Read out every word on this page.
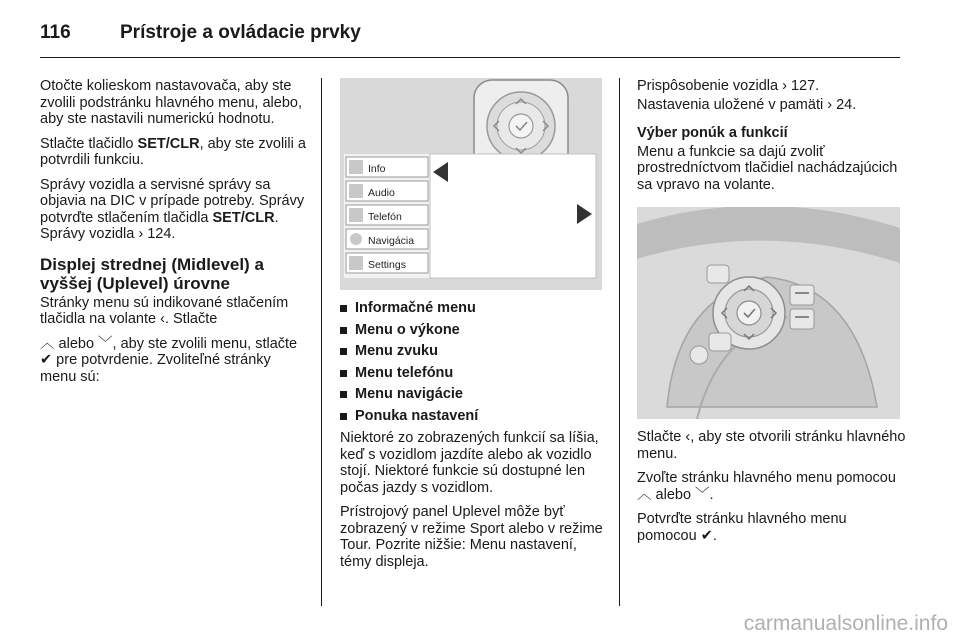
116	Prístroje a ovládacie prvky

Otočte kolieskom nastavovača, aby ste zvolili podstránku hlavného menu, alebo, aby ste nastavili numerickú hodnotu.

Stlačte tlačidlo SET/CLR, aby ste zvolili a potvrdili funkciu.

Správy vozidla a servisné správy sa objavia na DIC v prípade potreby. Správy potvrďte stlačením tlačidla SET/CLR. Správy vozidla › 124.

Displej strednej (Midlevel) a vyššej (Uplevel) úrovne

Stránky menu sú indikované stlačením tlačidla na volante ‹. Stlačte

︿ alebo ﹀, aby ste zvolili menu, stlačte ✔ pre potvrdenie. Zvoliteľné stránky menu sú:

Info
Audio
Telefón
Navigácia
Settings
Informačné menu
Menu o výkone
Menu zvuku
Menu telefónu
Menu navigácie
Ponuka nastavení

Niektoré zo zobrazených funkcií sa líšia, keď s vozidlom jazdíte alebo ak vozidlo stojí. Niektoré funkcie sú dostupné len počas jazdy s vozidlom.

Prístrojový panel Uplevel môže byť zobrazený v režime Sport alebo v režime Tour. Pozrite nižšie: Menu nastavení, témy displeja.

Prispôsobenie vozidla › 127.

Nastavenia uložené v pamäti › 24.

Výber ponúk a funkcií

Menu a funkcie sa dajú zvoliť prostredníctvom tlačidiel nachádzajúcich sa vpravo na volante.

Stlačte ‹, aby ste otvorili stránku hlavného menu.

Zvoľte stránku hlavného menu pomocou ︿ alebo ﹀.

Potvrďte stránku hlavného menu pomocou ✔.

carmanualsonline.info
